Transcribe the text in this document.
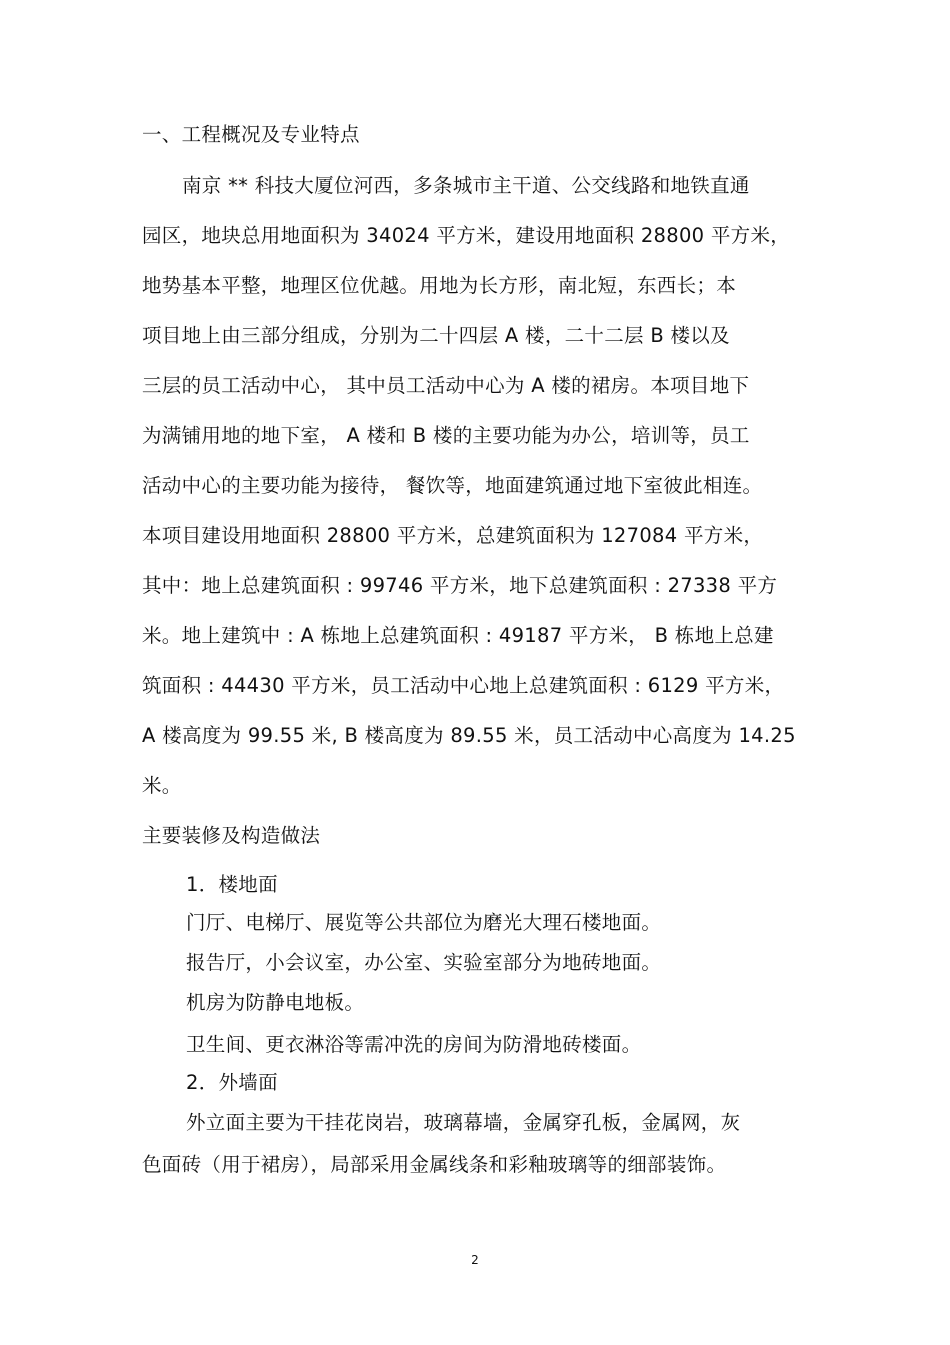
一、工程概况及专业特点
南京 ** 科技大厦位河西，多条城市主干道、公交线路和地铁直通
园区，地块总用地面积为 34024 平方米，建设用地面积 28800 平方米，
地势基本平整，地理区位优越。用地为长方形，南北短，东西长；本
项目地上由三部分组成，分别为二十四层 A 楼，二十二层 B 楼以及
三层的员工活动中心， 其中员工活动中心为 A 楼的裙房。本项目地下
为满铺用地的地下室， A 楼和 B 楼的主要功能为办公，培训等，员工
活动中心的主要功能为接待， 餐饮等，地面建筑通过地下室彼此相连。
本项目建设用地面积 28800 平方米，总建筑面积为 127084 平方米，
其中：地上总建筑面积 : 99746 平方米，地下总建筑面积 : 27338 平方
米。地上建筑中 : A 栋地上总建筑面积 : 49187 平方米， B 栋地上总建
筑面积 : 44430 平方米，员工活动中心地上总建筑面积 : 6129 平方米，
A 楼高度为 99.55 米, B 楼高度为 89.55 米，员工活动中心高度为 14.25
米。
主要装修及构造做法
1．楼地面
门厅、电梯厅、展览等公共部位为磨光大理石楼地面。
报告厅，小会议室，办公室、实验室部分为地砖地面。
机房为防静电地板。
卫生间、更衣淋浴等需冲洗的房间为防滑地砖楼面。
2．外墙面
外立面主要为干挂花岗岩，玻璃幕墙，金属穿孔板，金属网，灰
色面砖（用于裙房），局部采用金属线条和彩釉玻璃等的细部装饰。
2
